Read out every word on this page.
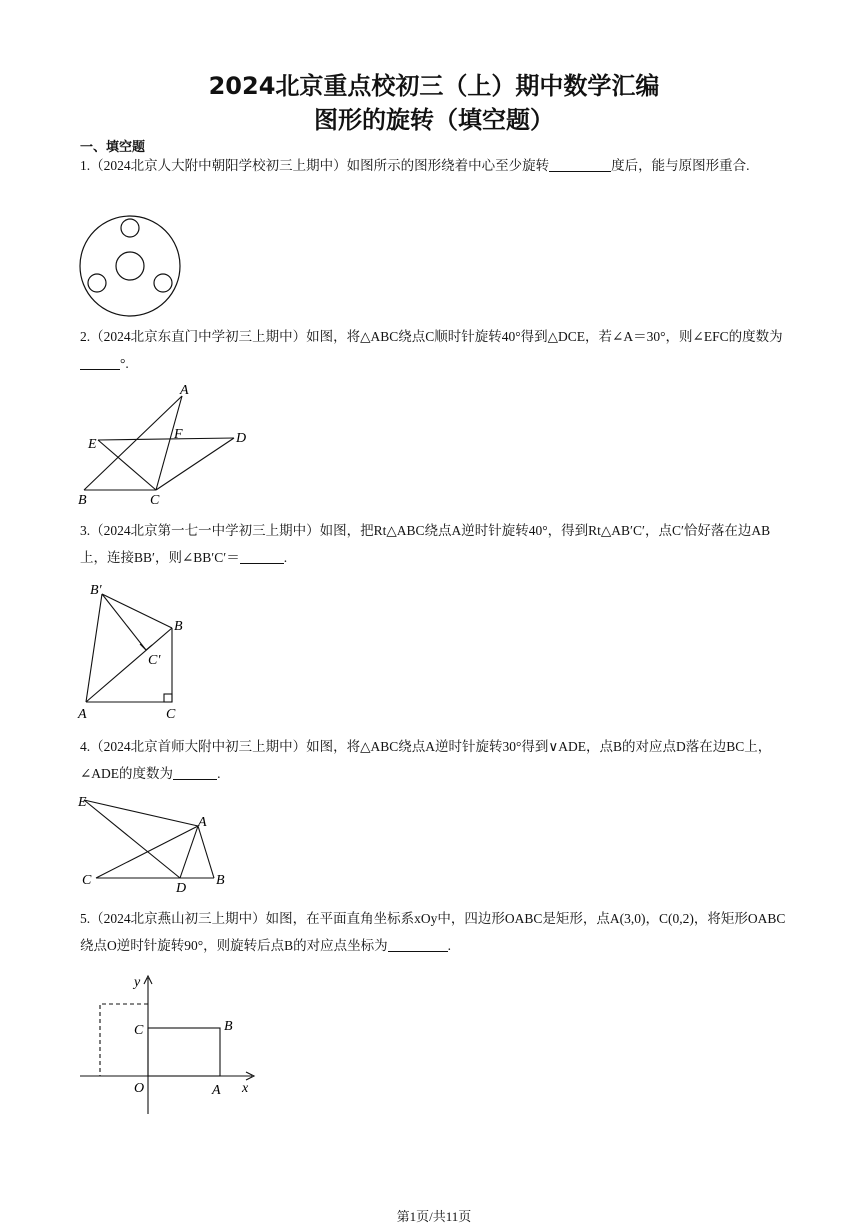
2024北京重点校初三（上）期中数学汇编
图形的旋转（填空题）
一、填空题
1.（2024北京人大附中朝阳学校初三上期中）如图所示的图形绕着中心至少旋转	度后，能与原图形重合.
2.（2024北京东直门中学初三上期中）如图，将△ABC绕点C顺时针旋转40°得到△DCE，若∠A＝30°，则∠EFC的度数为°.
A
B	C
D
E
F
3.（2024北京第一七一中学初三上期中）如图，把Rt△ABC绕点A逆时针旋转40°，得到Rt△AB′C′，点C′恰好落在边AB上，连接BB′，则∠BB′C′＝	.
B′
B
C′
A	C
4.（2024北京首师大附中初三上期中）如图，将△ABC绕点A逆时针旋转30°得到∨ADE，点B的对应点D落在边BC上，∠ADE的度数为	.
E
A
C
D
B
5.（2024北京燕山初三上期中）如图，在平面直角坐标系xOy中，四边形OABC是矩形，点A(3,0)，C(0,2)，将矩形OABC绕点O逆时针旋转90°，则旋转后点B的对应点坐标为	.
y
x
O	A
B
C
第1页/共11页
